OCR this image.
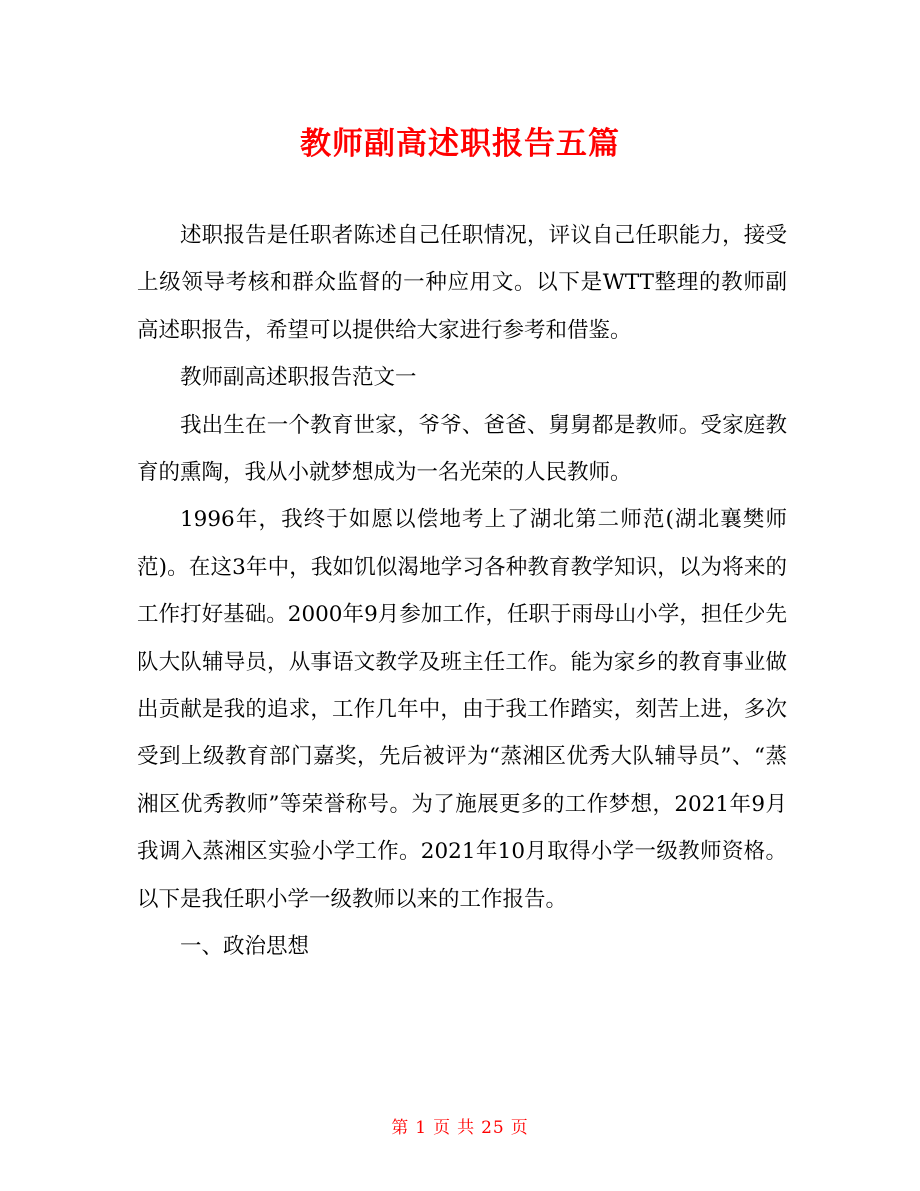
教师副高述职报告五篇

述职报告是任职者陈述自己任职情况，评议自己任职能力，接受上级领导考核和群众监督的一种应用文。以下是WTT整理的教师副高述职报告，希望可以提供给大家进行参考和借鉴。

教师副高述职报告范文一

我出生在一个教育世家，爷爷、爸爸、舅舅都是教师。受家庭教育的熏陶，我从小就梦想成为一名光荣的人民教师。

1996年，我终于如愿以偿地考上了湖北第二师范(湖北襄樊师范)。在这3年中，我如饥似渴地学习各种教育教学知识，以为将来的工作打好基础。2000年9月参加工作，任职于雨母山小学，担任少先队大队辅导员，从事语文教学及班主任工作。能为家乡的教育事业做出贡献是我的追求，工作几年中，由于我工作踏实，刻苦上进，多次受到上级教育部门嘉奖，先后被评为“蒸湘区优秀大队辅导员”、“蒸湘区优秀教师”等荣誉称号。为了施展更多的工作梦想，2021年9月我调入蒸湘区实验小学工作。2021年10月取得小学一级教师资格。以下是我任职小学一级教师以来的工作报告。

一、政治思想

第 1 页 共 25 页
